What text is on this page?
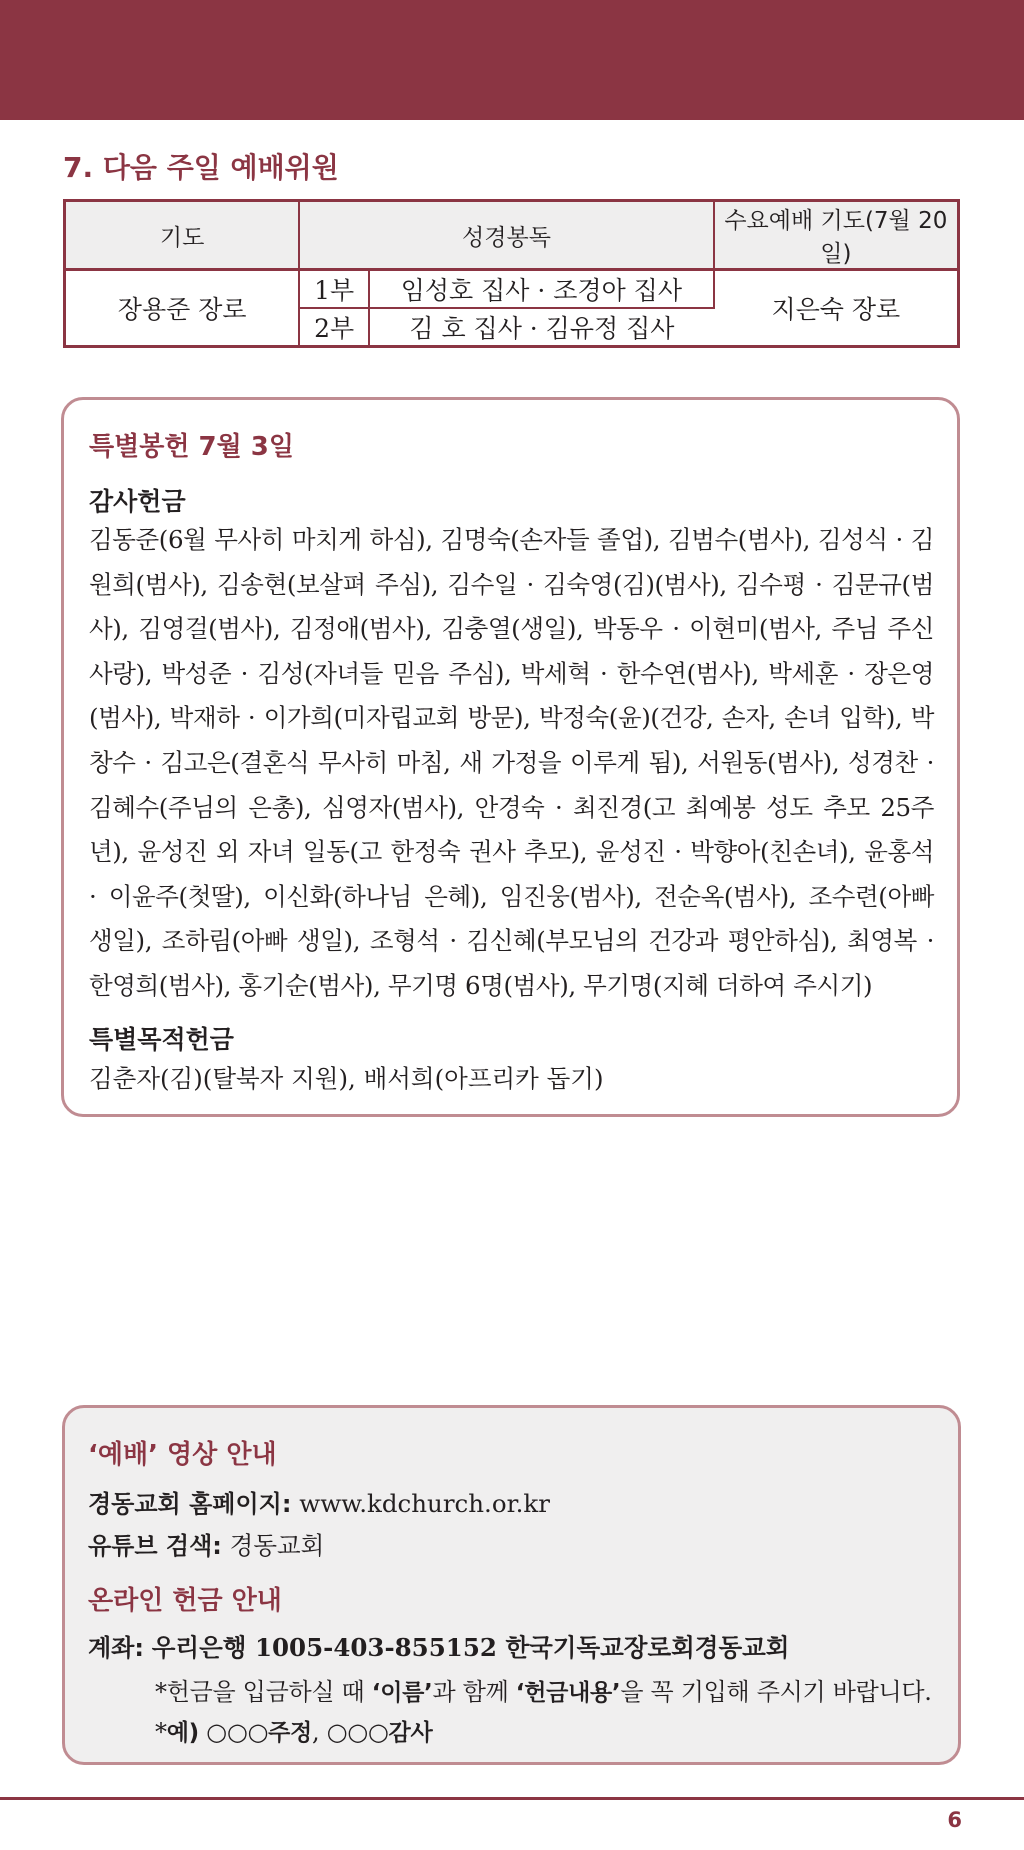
7. 다음 주일 예배위원
기도	성경봉독		수요예배 기도(7월 20일)
장용준 장로	1부	임성호 집사 · 조경아 집사	지은숙 장로
	2부	김 호 집사 · 김유정 집사	
특별봉헌 7월 3일
감사헌금

김동준(6월 무사히 마치게 하심), 김명숙(손자들 졸업), 김범수(범사), 김성식 · 김원희(범사), 김송현(보살펴 주심), 김수일 · 김숙영(김)(범사), 김수평 · 김문규(범사), 김영걸(범사), 김정애(범사), 김충열(생일), 박동우 · 이현미(범사, 주님 주신 사랑), 박성준 · 김성(자녀들 믿음 주심), 박세혁 · 한수연(범사), 박세훈 · 장은영(범사), 박재하 · 이가희(미자립교회 방문), 박정숙(윤)(건강, 손자, 손녀 입학), 박창수 · 김고은(결혼식 무사히 마침, 새 가정을 이루게 됨), 서원동(범사), 성경찬 · 김혜수(주님의 은총), 심영자(범사), 안경숙 · 최진경(고 최예봉 성도 추모 25주년), 윤성진 외 자녀 일동(고 한정숙 권사 추모), 윤성진 · 박향아(친손녀), 윤홍석 · 이윤주(첫딸), 이신화(하나님 은혜), 임진웅(범사), 전순옥(범사), 조수련(아빠 생일), 조하림(아빠 생일), 조형석 · 김신혜(부모님의 건강과 평안하심), 최영복 · 한영희(범사), 홍기순(범사), 무기명 6명(범사), 무기명(지혜 더하여 주시기)

특별목적헌금

김춘자(김)(탈북자 지원), 배서희(아프리카 돕기)

‘예배’ 영상 안내

경동교회 홈페이지: www.kdchurch.or.kr

유튜브 검색: 경동교회

온라인 헌금 안내

계좌: 우리은행 1005-403-855152 한국기독교장로회경동교회

*헌금을 입금하실 때 ‘이름’과 함께 ‘헌금내용’을 꼭 기입해 주시기 바랍니다.

*예) ○○○주정, ○○○감사

6
